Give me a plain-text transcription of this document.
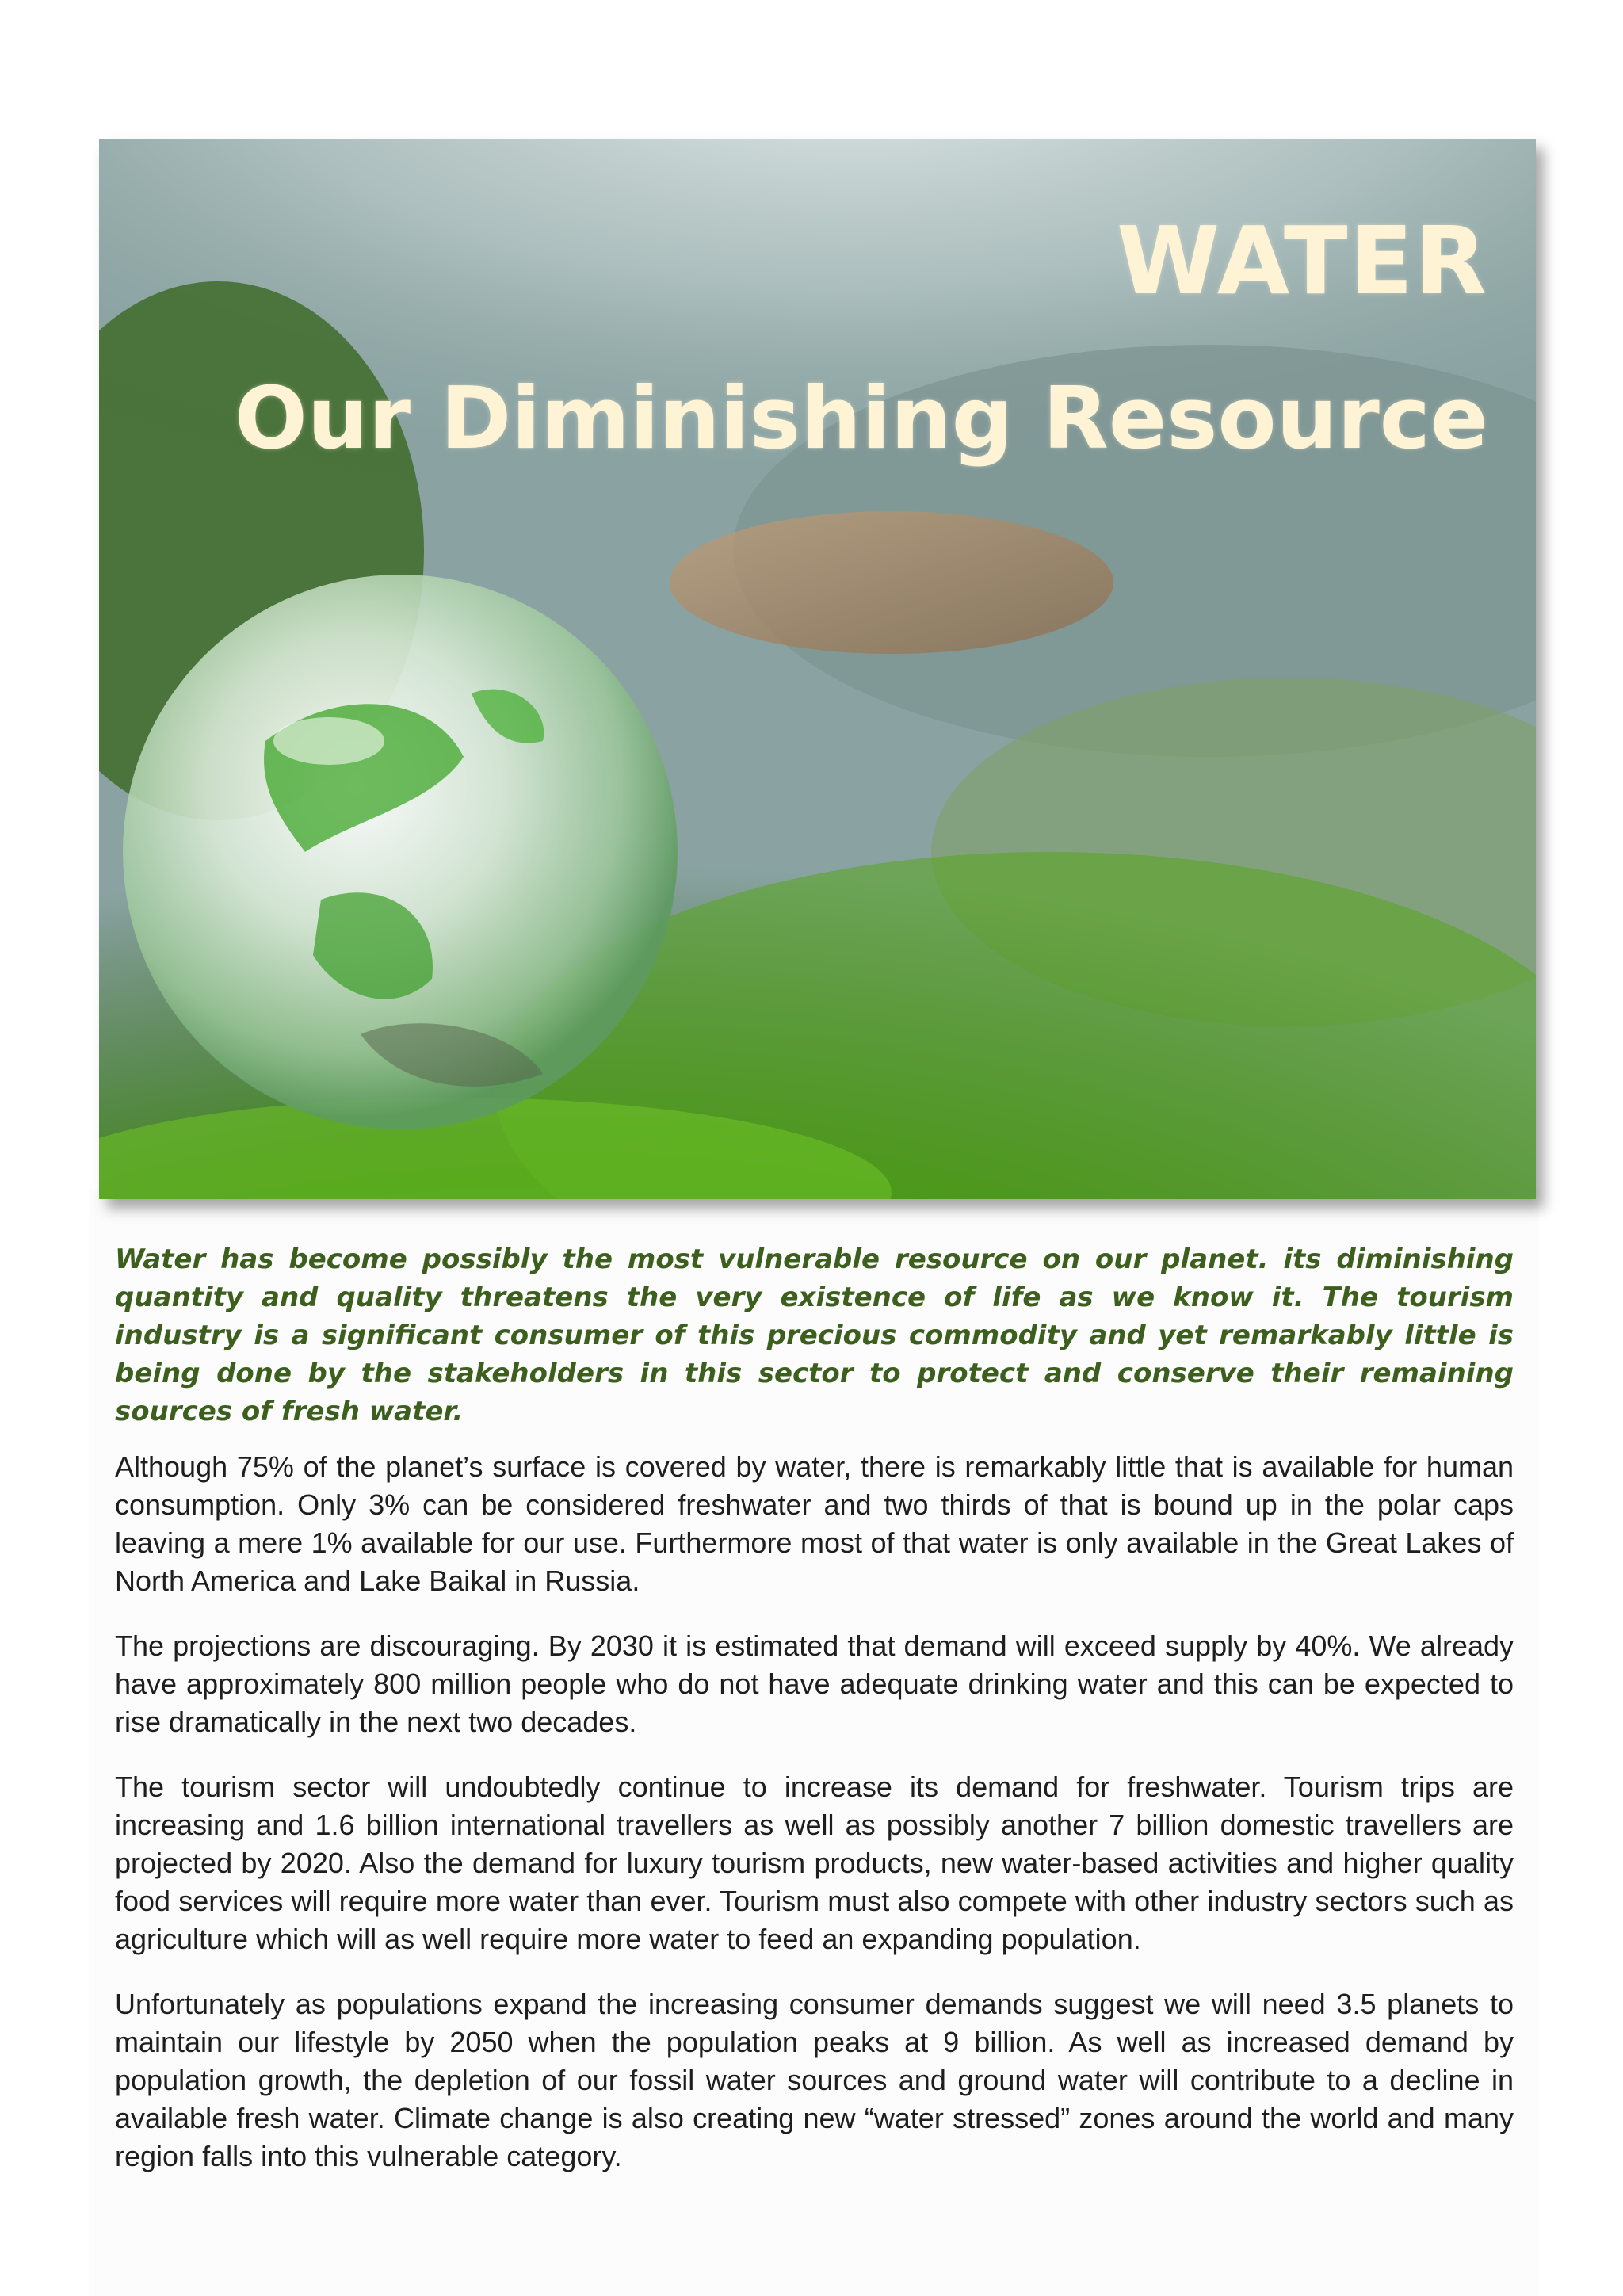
WATER
Our Diminishing Resource

Water has become possibly the most vulnerable resource on our planet. its diminishing quantity and quality threatens the very existence of life as we know it. The tourism industry is a significant consumer of this precious commodity and yet remarkably little is being done by the stakeholders in this sector to protect and conserve their remaining sources of fresh water.

Although 75% of the planet’s surface is covered by water, there is remarkably little that is available for human consumption. Only 3% can be considered freshwater and two thirds of that is bound up in the polar caps leaving a mere 1% available for our use. Furthermore most of that water is only available in the Great Lakes of North America and Lake Baikal in Russia.

The projections are discouraging. By 2030 it is estimated that demand will exceed supply by 40%. We already have approximately 800 million people who do not have adequate drinking water and this can be expected to rise dramatically in the next two decades.

The tourism sector will undoubtedly continue to increase its demand for freshwater. Tourism trips are increasing and 1.6 billion international travellers as well as possibly another 7 billion domestic travellers are projected by 2020. Also the demand for luxury tourism products, new water-based activities and higher quality food services will require more water than ever. Tourism must also compete with other industry sectors such as agriculture which will as well require more water to feed an expanding population.

Unfortunately as populations expand the increasing consumer demands suggest we will need 3.5 planets to maintain our lifestyle by 2050 when the population peaks at 9 billion. As well as increased demand by population growth, the depletion of our fossil water sources and ground water will contribute to a decline in available fresh water. Climate change is also creating new “water stressed” zones around the world and many region falls into this vulnerable category.
